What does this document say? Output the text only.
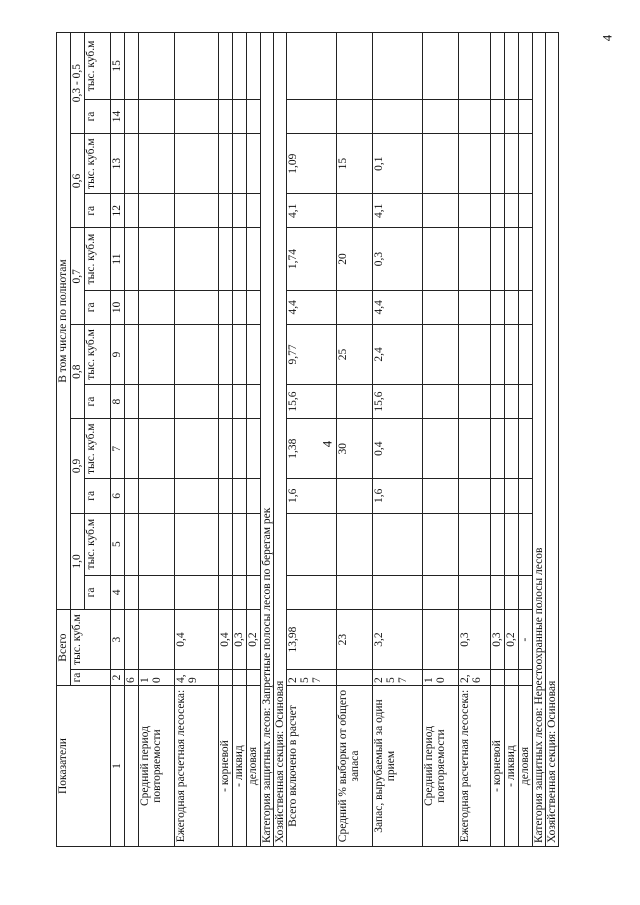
4
4
Показатели	Всего		В том числе по полнотам											
	га	тыс. куб.м	1,0		0,9		0,8		0,7		0,6		0,3 - 0,5	
			га	тыс. куб.м	га	тыс. куб.м	га	тыс. куб.м	га	тыс. куб.м	га	тыс. куб.м	га	тыс. куб.м
1	2	3	4	5	6	7	8	9	10	11	12	13	14	15
	6													
Средний период повторяемости	10													
Ежегодная расчетная лесосека:	4,9	0,4												
- корневой		0,4												
- ликвид		0,3												
деловая		0,2												
Категория защитных лесов: Запретные полосы лесов по берегам рек														
Хозяйственная секция: Осиновая														
Всего включено в расчет	257	13,98			1,6	1,38	15,6	9,77	4,4	1,74	4,1	1,09		
Средний % выборки от общего запаса		23				30		25		20		15		
Запас, вырубаемый за один прием	257	3,2			1,6	0,4	15,6	2,4	4,4	0,3	4,1	0,1		
Средний период повторяемости	10													
Ежегодная расчетная лесосека:	2,6	0,3												
- корневой		0,3												
- ликвид		0,2												
деловая		-												
Категория защитных лесов: Нерестоохранные полосы лесов														
Хозяйственная секция: Осиновая														
